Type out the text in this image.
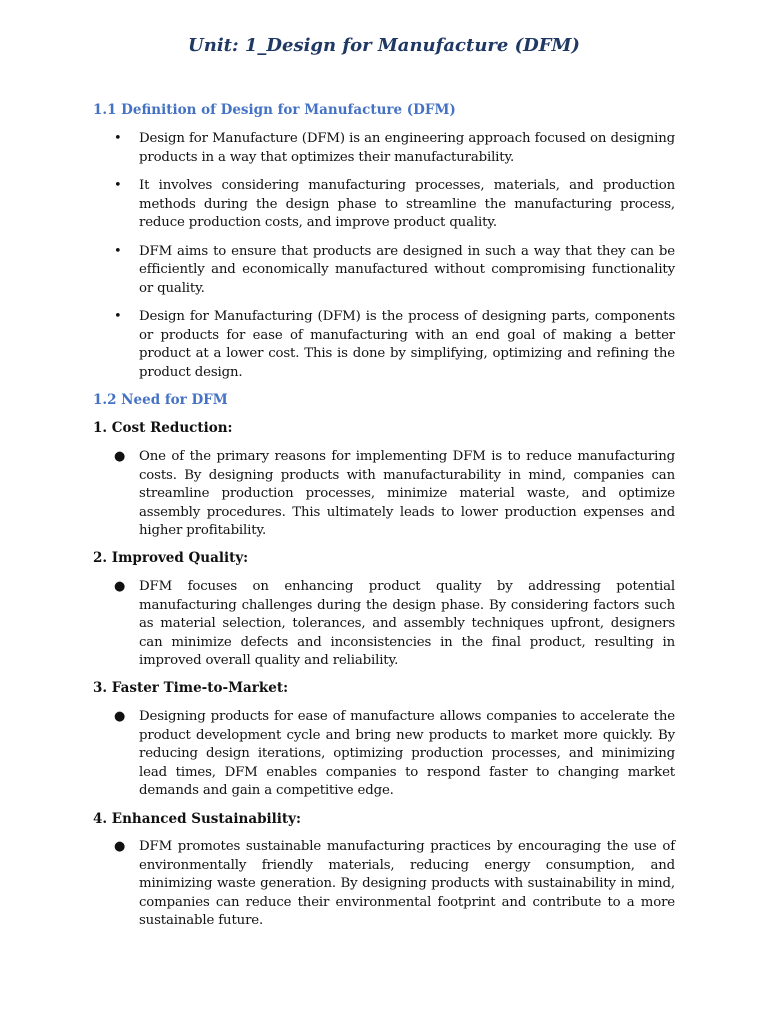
Unit: 1_Design for Manufacture (DFM)
1.1 Definition of Design for Manufacture (DFM)
• Design for Manufacture (DFM) is an engineering approach focused on designing products in a way that optimizes their manufacturability.
• It involves considering manufacturing processes, materials, and production methods during the design phase to streamline the manufacturing process, reduce production costs, and improve product quality.
• DFM aims to ensure that products are designed in such a way that they can be efficiently and economically manufactured without compromising functionality or quality.
• Design for Manufacturing (DFM) is the process of designing parts, components or products for ease of manufacturing with an end goal of making a better product at a lower cost. This is done by simplifying, optimizing and refining the product design.
1.2 Need for DFM
1. Cost Reduction:
● One of the primary reasons for implementing DFM is to reduce manufacturing costs. By designing products with manufacturability in mind, companies can streamline production processes, minimize material waste, and optimize assembly procedures. This ultimately leads to lower production expenses and higher profitability.
2. Improved Quality:
● DFM focuses on enhancing product quality by addressing potential manufacturing challenges during the design phase. By considering factors such as material selection, tolerances, and assembly techniques upfront, designers can minimize defects and inconsistencies in the final product, resulting in improved overall quality and reliability.
3. Faster Time-to-Market:
● Designing products for ease of manufacture allows companies to accelerate the product development cycle and bring new products to market more quickly. By reducing design iterations, optimizing production processes, and minimizing lead times, DFM enables companies to respond faster to changing market demands and gain a competitive edge.
4. Enhanced Sustainability:
● DFM promotes sustainable manufacturing practices by encouraging the use of environmentally friendly materials, reducing energy consumption, and minimizing waste generation. By designing products with sustainability in mind, companies can reduce their environmental footprint and contribute to a more sustainable future.
